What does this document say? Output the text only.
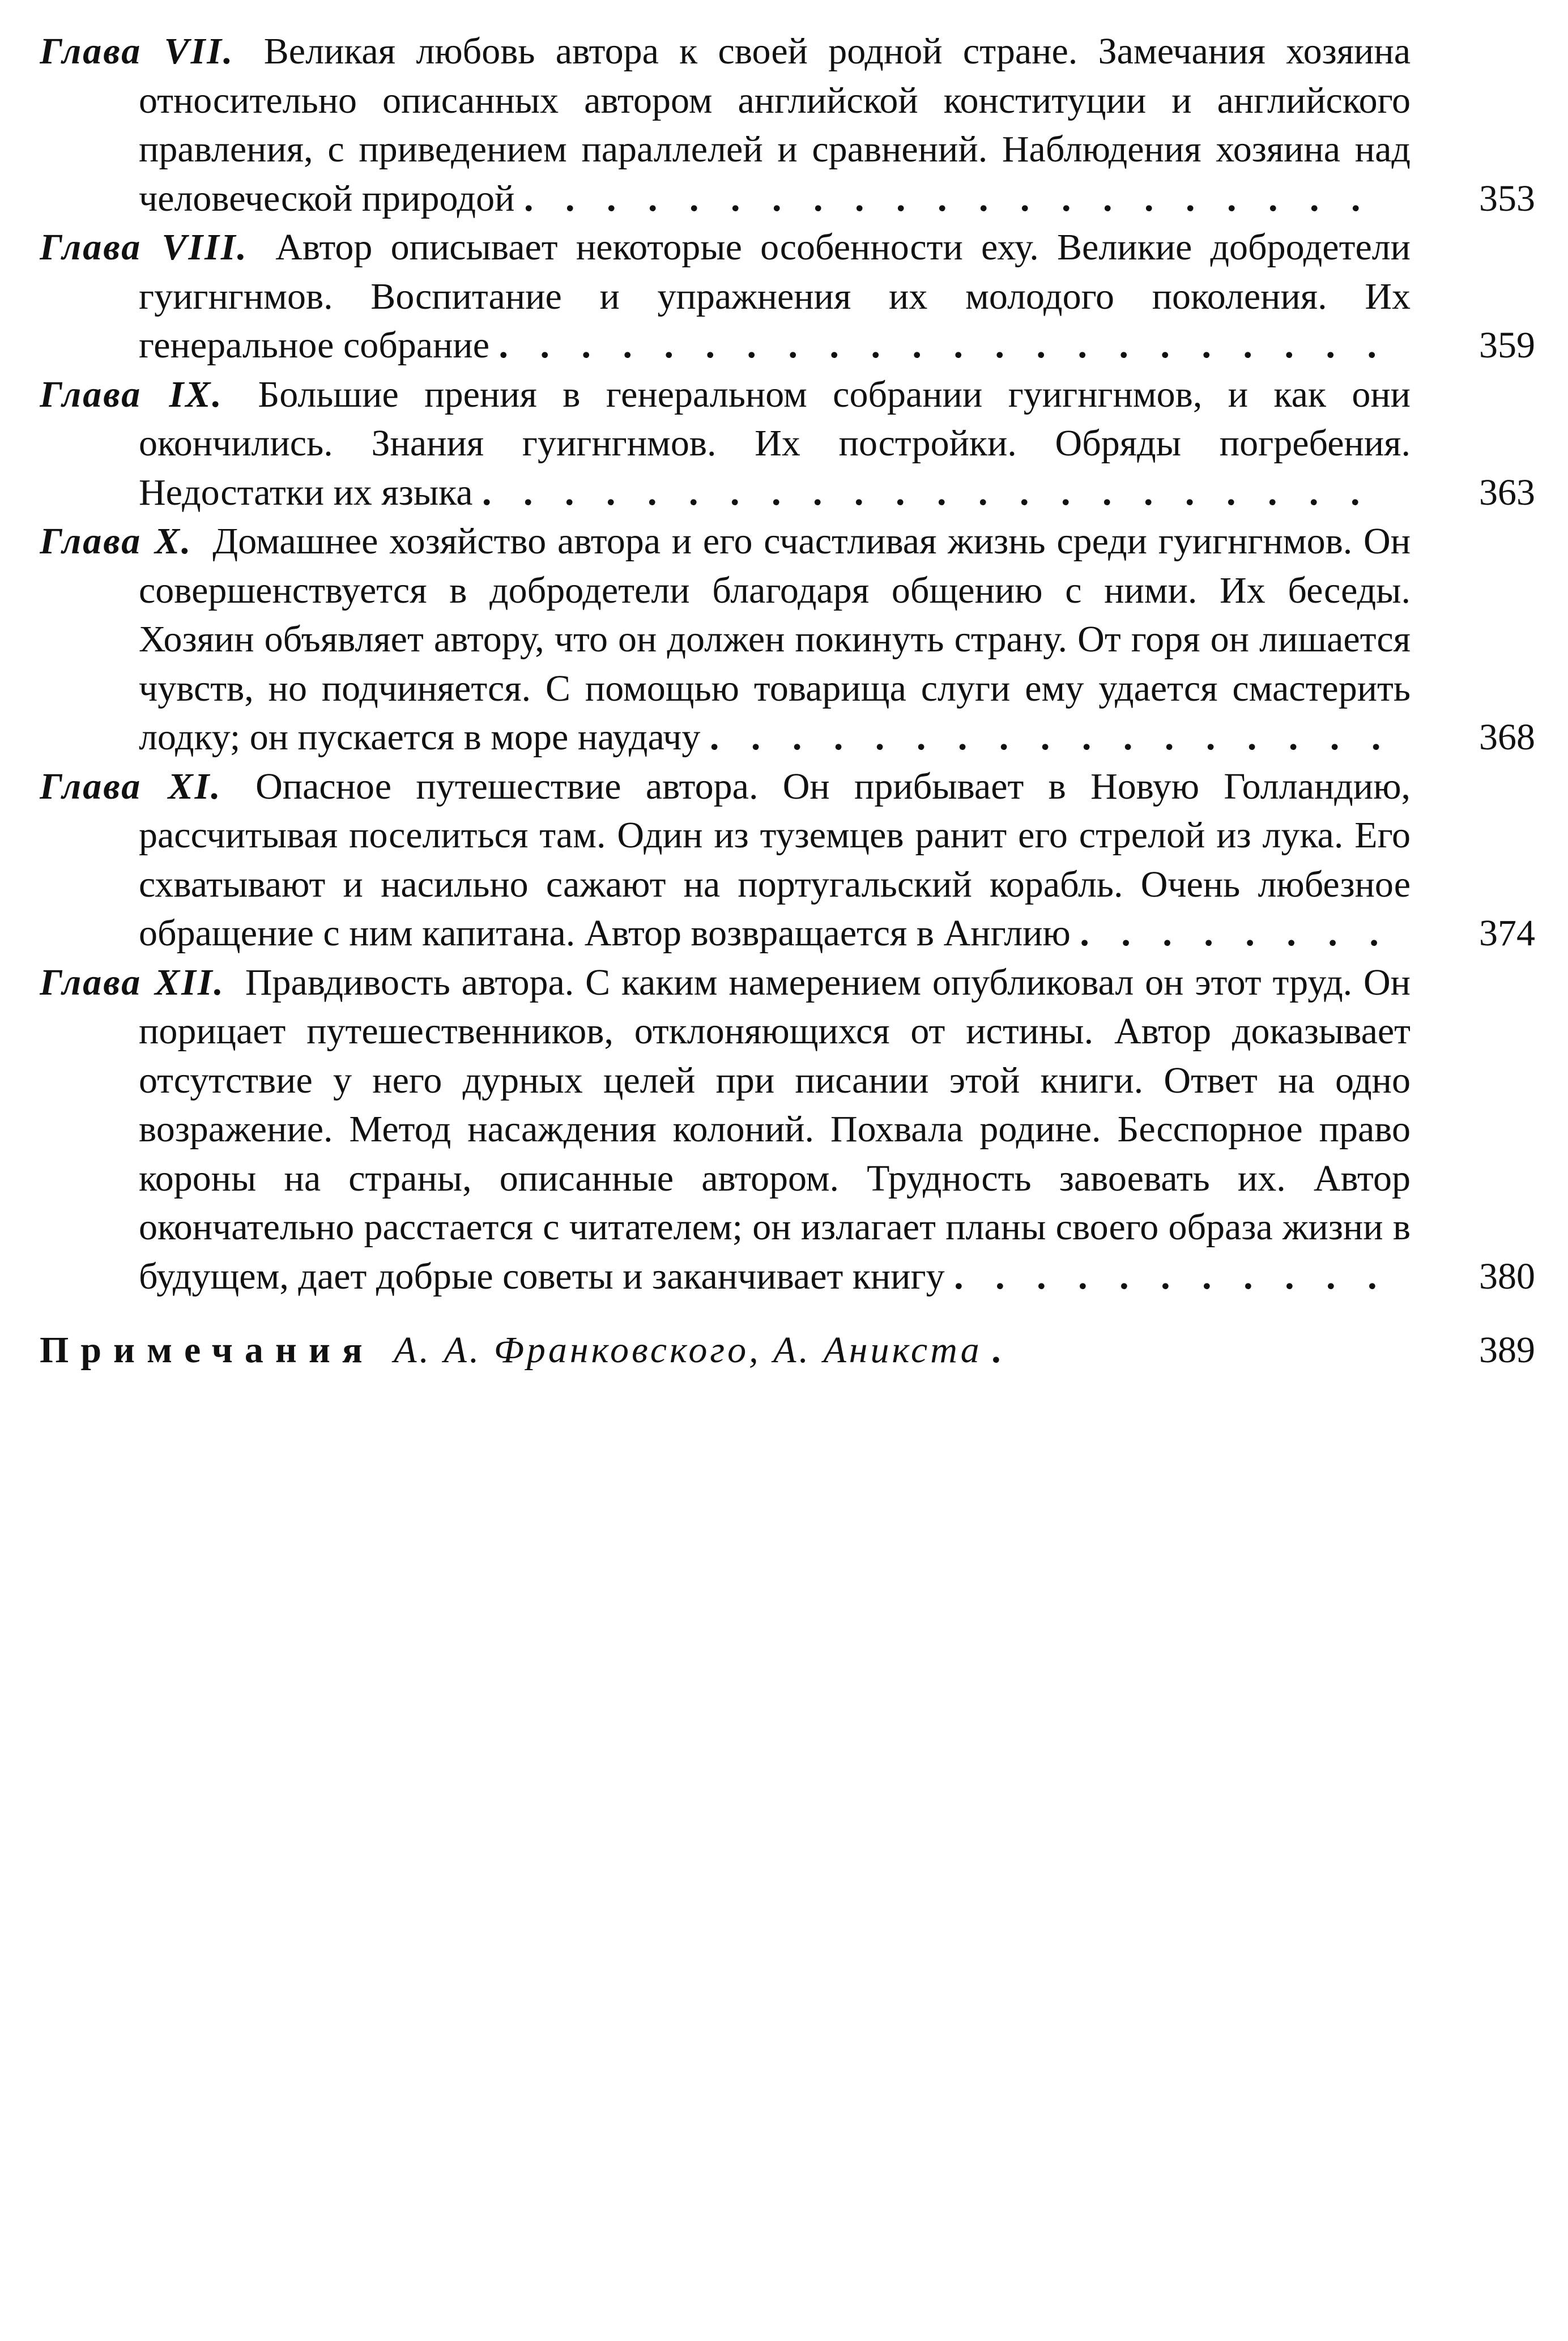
Глава VII. Великая любовь автора к своей родной стране. Замечания хозяина относительно описанных автором английской конституции и английского правления, с приведением параллелей и сравнений. Наблюдения хозяина над человеческой природой . . . . . . . . . . . . . . . . . . . . .	353
Глава VIII. Автор описывает некоторые особенности еху. Великие добродетели гуигнгнмов. Воспитание и упражнения их молодого поколения. Их генеральное собрание . . . . . . . . . . . . . . . . . . . . . .	359
Глава IX. Большие прения в генеральном собрании гуигнгнмов, и как они окончились. Знания гуигнгнмов. Их постройки. Обряды погребения. Недостатки их языка . . . . . . . . . . . . . . . . . . . . . .	363
Глава X. Домашнее хозяйство автора и его счастливая жизнь среди гуигнгнмов. Он совершенствуется в добродетели благодаря общению с ними. Их беседы. Хозяин объявляет автору, что он должен покинуть страну. От горя он лишается чувств, но подчиняется. С помощью товарища слуги ему удается смастерить лодку; он пускается в море наудачу . . . . . . . . . . . . . . . . .	368
Глава XI. Опасное путешествие автора. Он прибывает в Новую Голландию, рассчитывая поселиться там. Один из туземцев ранит его стрелой из лука. Его схватывают и насильно сажают на португальский корабль. Очень любезное обращение с ним капитана. Автор возвращается в Англию . . . . . . . .	374
Глава XII. Правдивость автора. С каким намерением опубликовал он этот труд. Он порицает путешественников, отклоняющихся от истины. Автор доказывает отсутствие у него дурных целей при писании этой книги. Ответ на одно возражение. Метод насаждения колоний. Похвала родине. Бесспорное право короны на страны, описанные автором. Трудность завоевать их. Автор окончательно расстается с читателем; он излагает планы своего образа жизни в будущем, дает добрые советы и заканчивает книгу . . . . . . . . . . .	380
Примечания А. А. Франковского, А. Аникста .	389
